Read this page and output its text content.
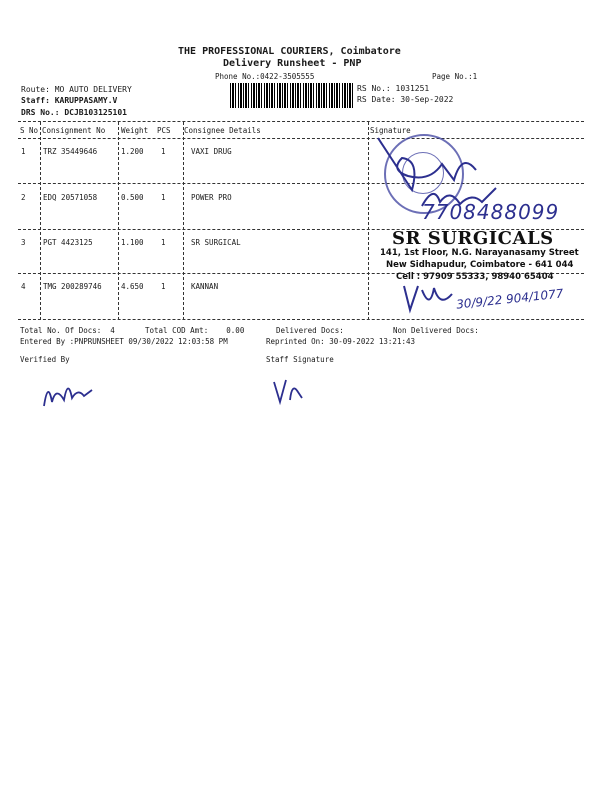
THE PROFESSIONAL COURIERS, Coimbatore
Delivery Runsheet - PNP
Phone No.:0422-3505555	Page No.:1
Route: MO AUTO DELIVERY
Staff: KARUPPASAMY.V
DRS No.: DCJB103125101
RS No.: 1031251
RS Date: 30-Sep-2022
S No Consignment No Weight PCS Consignee Details	Signature
1 TRZ 35449646	1.200 1	VAXI DRUG
2 EDQ 20571058	0.500 1	POWER PRO
3 PGT 4423125	1.100 1	SR SURGICAL
4 TMG 200289746	4.650 1	KANNAN
7708488099
SR SURGICALS
141, 1st Floor, N.G. Narayanasamy Street
New Sidhapudur, Coimbatore - 641 044
Cell : 97909 55333, 98940 65404
30/9/22 904/1077
Total No. Of Docs:  4	Total COD Amt:    0.00	Delivered Docs:	Non Delivered Docs:
Entered By :PNPRUNSHEET 09/30/2022 12:03:58 PM	Reprinted On: 30-09-2022 13:21:43
Verified By	Staff Signature
